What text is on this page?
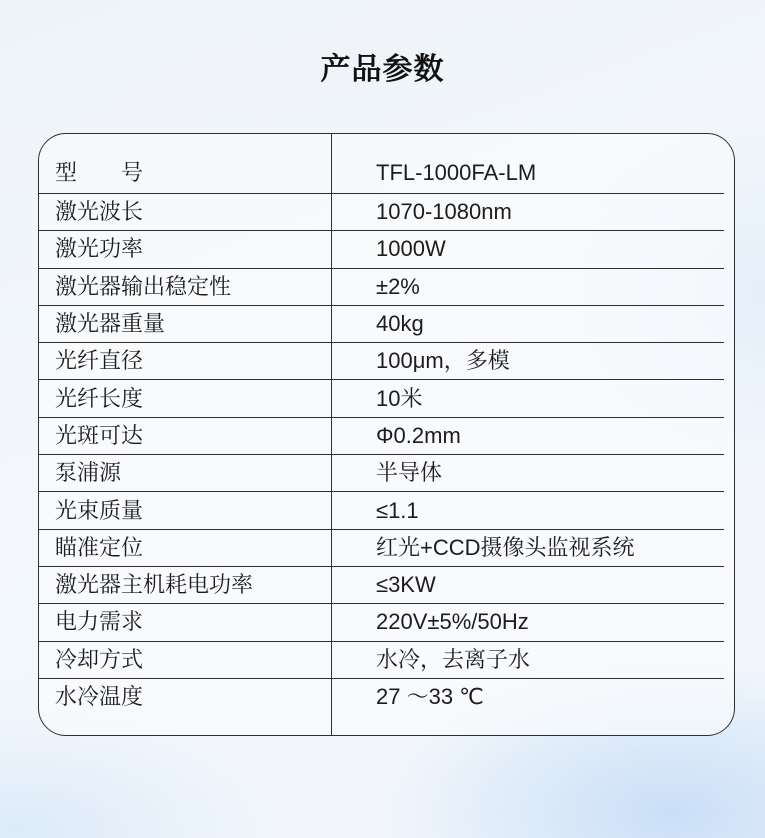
产品参数
型　　号	TFL-1000FA-LM
激光波长	1070-1080nm
激光功率	1000W
激光器输出稳定性	±2%
激光器重量	40kg
光纤直径	100μm，多模
光纤长度	10米
光斑可达	Φ0.2mm
泵浦源	半导体
光束质量	≤1.1
瞄准定位	红光+CCD摄像头监视系统
激光器主机耗电功率	≤3KW
电力需求	220V±5%/50Hz
冷却方式	水冷，去离子水
水冷温度	27 ～33 ℃
